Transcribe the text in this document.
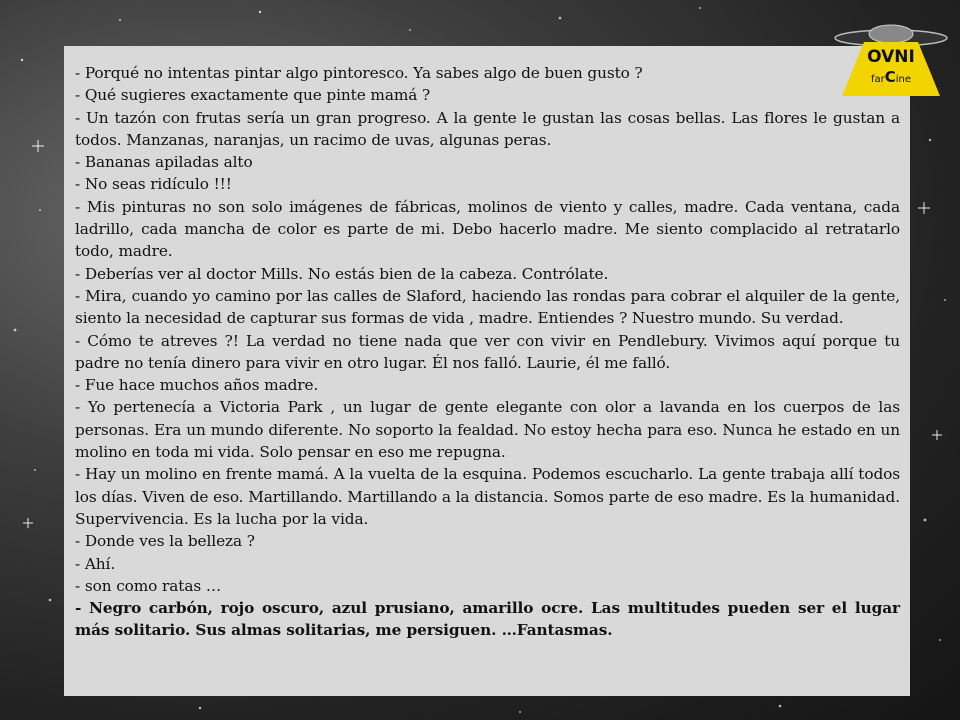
- Porqué no intentas pintar algo pintoresco. Ya sabes algo de buen gusto ?

- Qué sugieres exactamente que pinte mamá ?

- Un tazón con frutas sería un gran progreso. A la gente le gustan las cosas bellas. Las flores le gustan a todos. Manzanas, naranjas, un racimo de uvas, algunas peras.

- Bananas apiladas alto

- No seas ridículo !!!

- Mis pinturas no son solo imágenes de fábricas, molinos de viento y calles, madre. Cada ventana, cada ladrillo, cada mancha de color es parte de mi. Debo hacerlo madre. Me siento complacido al retratarlo todo, madre.

- Deberías ver al doctor Mills. No estás bien de la cabeza. Contrólate.

- Mira, cuando yo camino por las calles de Slaford, haciendo las rondas para cobrar el alquiler de la gente, siento la necesidad de capturar sus formas de vida , madre. Entiendes ? Nuestro mundo. Su verdad.

- Cómo te atreves ?! La verdad no tiene nada que ver con vivir en Pendlebury. Vivimos aquí porque tu padre no tenía dinero para vivir en otro lugar. Él nos falló. Laurie, él me falló.

- Fue hace muchos años madre.

- Yo pertenecía a Victoria Park , un lugar de gente elegante con olor a lavanda en los cuerpos de las personas. Era un mundo diferente. No soporto la fealdad. No estoy hecha para eso. Nunca he estado en un molino en toda mi vida. Solo pensar en eso me repugna.

- Hay un molino en frente mamá. A la vuelta de la esquina. Podemos escucharlo. La gente trabaja allí todos los días. Viven de eso. Martillando. Martillando a la distancia. Somos parte de eso madre. Es la humanidad. Supervivencia. Es la lucha por la vida.

- Donde ves la belleza ?

- Ahí.

- son como ratas …

- Negro carbón, rojo oscuro, azul prusiano, amarillo ocre. Las multitudes pueden ser el lugar más solitario. Sus almas solitarias, me persiguen. …Fantasmas.

OVNI
farCine
